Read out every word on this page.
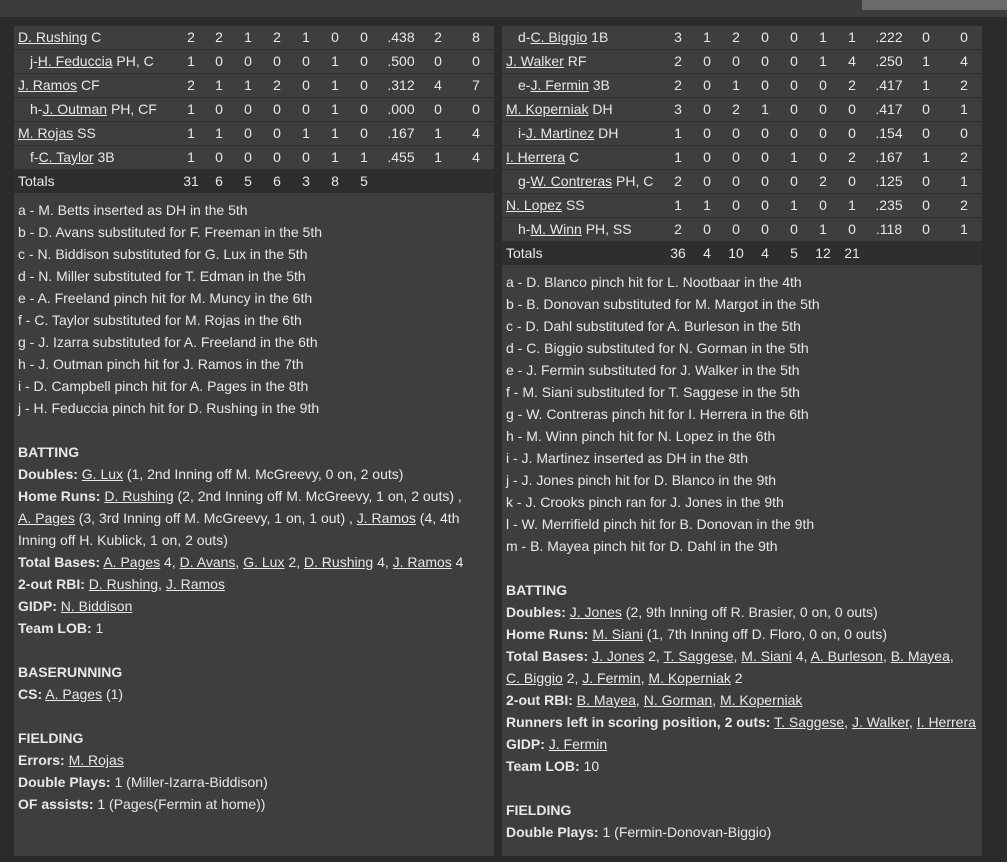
D. Rushing C	2	2	1	2	1	0	0	.438	2	8
j-H. Feduccia PH, C	1	0	0	0	0	1	0	.500	0	0
J. Ramos CF	2	1	1	2	0	1	0	.312	4	7
h-J. Outman PH, CF	1	0	0	0	0	1	0	.000	0	0
M. Rojas SS	1	1	0	0	1	1	0	.167	1	4
f-C. Taylor 3B	1	0	0	0	0	1	1	.455	1	4
Totals	31	6	5	6	3	8	5
a - M. Betts inserted as DH in the 5th
b - D. Avans substituted for F. Freeman in the 5th
c - N. Biddison substituted for G. Lux in the 5th
d - N. Miller substituted for T. Edman in the 5th
e - A. Freeland pinch hit for M. Muncy in the 6th
f - C. Taylor substituted for M. Rojas in the 6th
g - J. Izarra substituted for A. Freeland in the 6th
h - J. Outman pinch hit for J. Ramos in the 7th
i - D. Campbell pinch hit for A. Pages in the 8th
j - H. Feduccia pinch hit for D. Rushing in the 9th
BATTING
Doubles: G. Lux (1, 2nd Inning off M. McGreevy, 0 on, 2 outs)
Home Runs: D. Rushing (2, 2nd Inning off M. McGreevy, 1 on, 2 outs) ,
A. Pages (3, 3rd Inning off M. McGreevy, 1 on, 1 out) , J. Ramos (4, 4th Inning off H. Kublick, 1 on, 2 outs)
Total Bases: A. Pages 4, D. Avans, G. Lux 2, D. Rushing 4, J. Ramos 4
2-out RBI: D. Rushing, J. Ramos
GIDP: N. Biddison
Team LOB: 1
BASERUNNING
CS: A. Pages (1)
FIELDING
Errors: M. Rojas
Double Plays: 1 (Miller-Izarra-Biddison)
OF assists: 1 (Pages(Fermin at home))
d-C. Biggio 1B	3	1	2	0	0	1	1	.222	0	0
J. Walker RF	2	0	0	0	0	1	4	.250	1	4
e-J. Fermin 3B	2	0	1	0	0	0	2	.417	1	2
M. Koperniak DH	3	0	2	1	0	0	0	.417	0	1
i-J. Martinez DH	1	0	0	0	0	0	0	.154	0	0
I. Herrera C	1	0	0	0	1	0	2	.167	1	2
g-W. Contreras PH, C	2	0	0	0	0	2	0	.125	0	1
N. Lopez SS	1	1	0	0	1	0	1	.235	0	2
h-M. Winn PH, SS	2	0	0	0	0	1	0	.118	0	1
Totals	36	4	10	4	5	12 21
a - D. Blanco pinch hit for L. Nootbaar in the 4th
b - B. Donovan substituted for M. Margot in the 5th
c - D. Dahl substituted for A. Burleson in the 5th
d - C. Biggio substituted for N. Gorman in the 5th
e - J. Fermin substituted for J. Walker in the 5th
f - M. Siani substituted for T. Saggese in the 5th
g - W. Contreras pinch hit for I. Herrera in the 6th
h - M. Winn pinch hit for N. Lopez in the 6th
i - J. Martinez inserted as DH in the 8th
j - J. Jones pinch hit for D. Blanco in the 9th
k - J. Crooks pinch ran for J. Jones in the 9th
l - W. Merrifield pinch hit for B. Donovan in the 9th
m - B. Mayea pinch hit for D. Dahl in the 9th
BATTING
Doubles: J. Jones (2, 9th Inning off R. Brasier, 0 on, 0 outs)
Home Runs: M. Siani (1, 7th Inning off D. Floro, 0 on, 0 outs)
Total Bases: J. Jones 2, T. Saggese, M. Siani 4, A. Burleson, B. Mayea,
C. Biggio 2, J. Fermin, M. Koperniak 2
2-out RBI: B. Mayea, N. Gorman, M. Koperniak
Runners left in scoring position, 2 outs: T. Saggese, J. Walker, I. Herrera
GIDP: J. Fermin
Team LOB: 10
FIELDING
Double Plays: 1 (Fermin-Donovan-Biggio)
